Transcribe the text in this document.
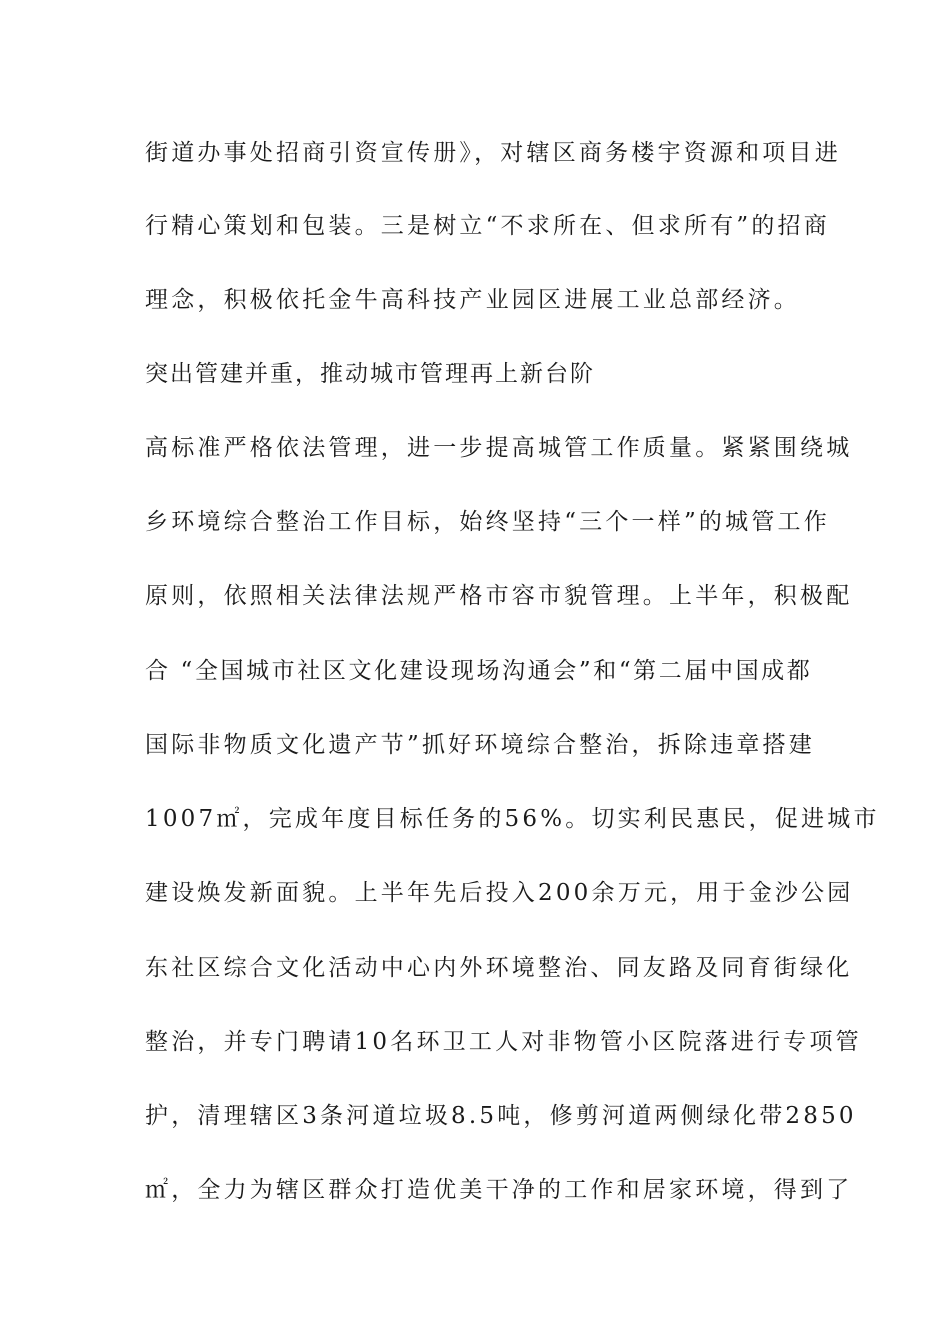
街道办事处招商引资宣传册》，对辖区商务楼宇资源和项目进
行精心策划和包装。三是树立“不求所在、但求所有”的招商
理念，积极依托金牛高科技产业园区进展工业总部经济。
突出管建并重，推动城市管理再上新台阶
高标准严格依法管理，进一步提高城管工作质量。紧紧围绕城
乡环境综合整治工作目标，始终坚持“三个一样”的城管工作
原则，依照相关法律法规严格市容市貌管理。上半年，积极配
合 “全国城市社区文化建设现场沟通会”和“第二届中国成都
国际非物质文化遗产节”抓好环境综合整治，拆除违章搭建
1007㎡，完成年度目标任务的56%。切实利民惠民，促进城市
建设焕发新面貌。上半年先后投入200余万元，用于金沙公园
东社区综合文化活动中心内外环境整治、同友路及同育街绿化
整治，并专门聘请10名环卫工人对非物管小区院落进行专项管
护，清理辖区3条河道垃圾8.5吨，修剪河道两侧绿化带2850
㎡，全力为辖区群众打造优美干净的工作和居家环境，得到了
